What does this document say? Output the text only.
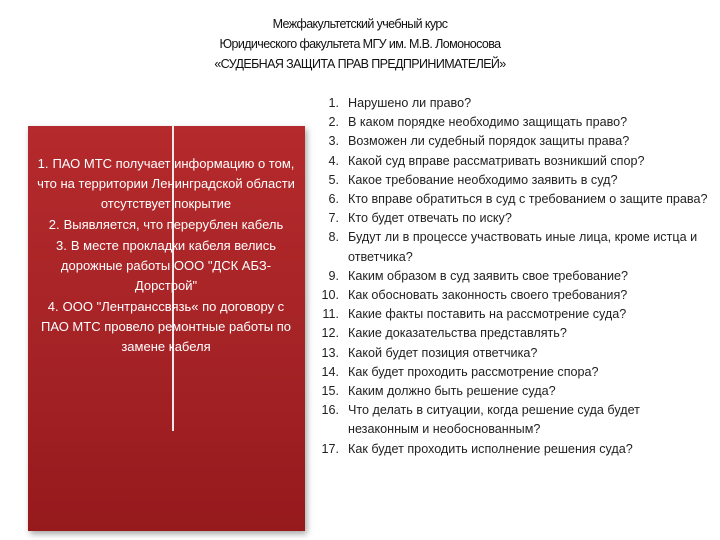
Межфакультетский учебный курс
Юридического факультета МГУ им. М.В. Ломоносова
«СУДЕБНАЯ ЗАЩИТА ПРАВ ПРЕДПРИНИМАТЕЛЕЙ»
1. ПАО МТС получает информацию о том, что на территории Ленинградской области отсутствует покрытие
2. Выявляется, что перерублен кабель
3. В месте прокладки кабеля велись дорожные работы ООО "ДСК АБЗ-Дорстрой"
4. ООО "Лентранссвязь« по договору с ПАО МТС провело ремонтные работы по замене кабеля
1. Нарушено ли право?
2. В каком порядке необходимо защищать право?
3. Возможен ли судебный порядок защиты права?
4. Какой суд вправе рассматривать возникший спор?
5. Какое требование необходимо заявить в суд?
6. Кто вправе обратиться в суд с требованием о защите права?
7. Кто будет отвечать по иску?
8. Будут ли в процессе участвовать иные лица, кроме истца и ответчика?
9. Каким образом в суд заявить свое требование?
10. Как обосновать законность своего требования?
11. Какие факты поставить на рассмотрение суда?
12. Какие доказательства представлять?
13. Какой будет позиция ответчика?
14. Как будет проходить рассмотрение спора?
15. Каким должно быть решение суда?
16. Что делать в ситуации, когда решение суда будет незаконным и необоснованным?
17. Как будет проходить исполнение решения суда?
